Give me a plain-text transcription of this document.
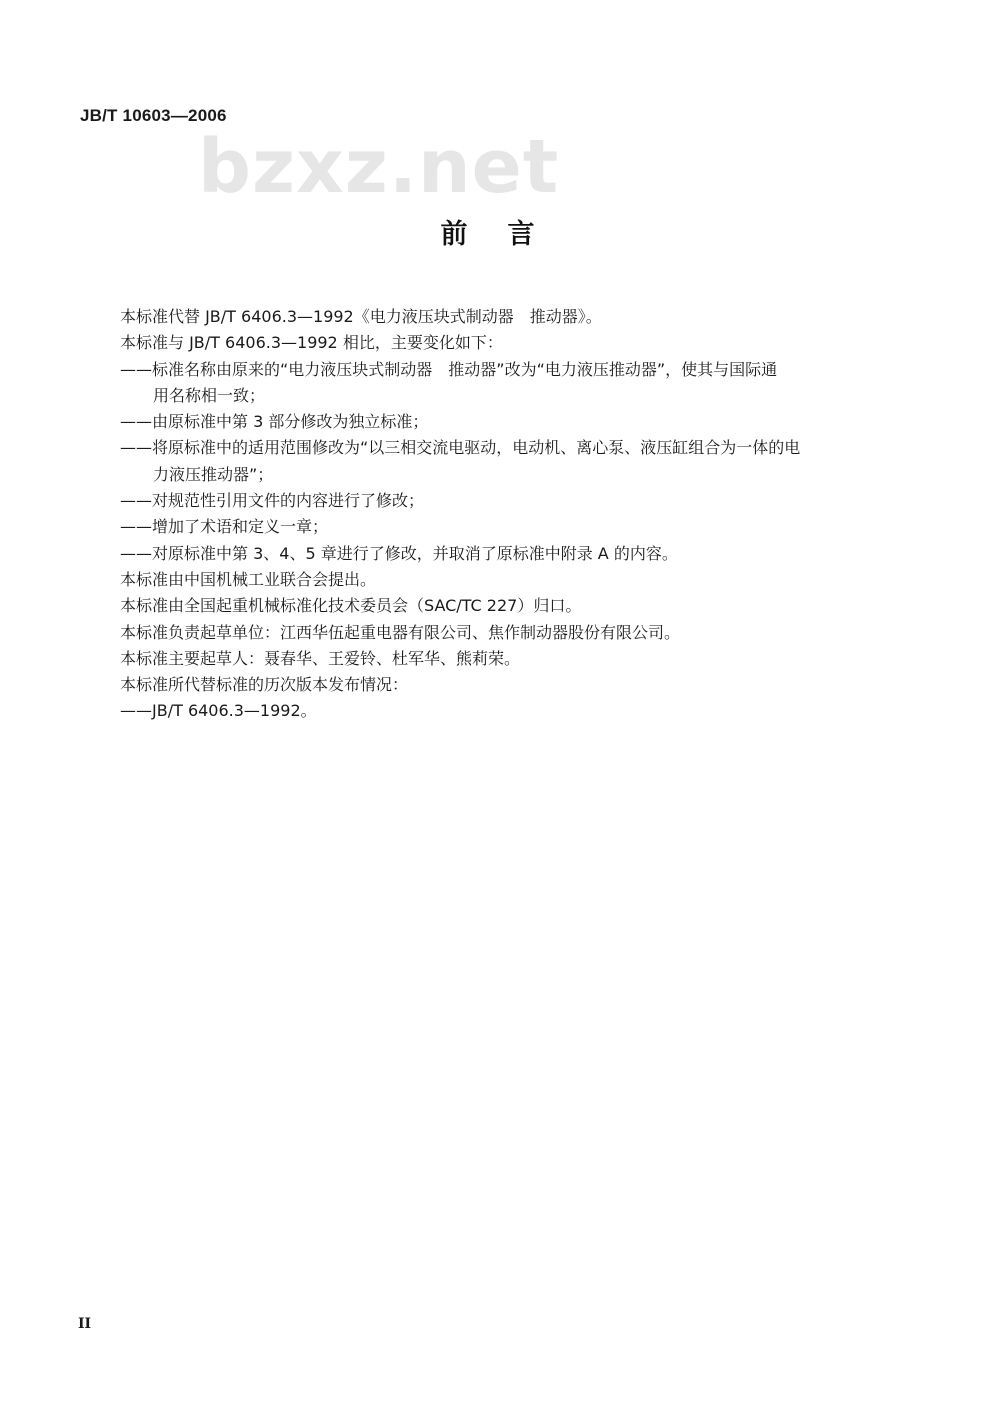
JB/T 10603—2006
bzxz.net
前言
本标准代替 JB/T 6406.3—1992《电力液压块式制动器　推动器》。
本标准与 JB/T 6406.3—1992 相比，主要变化如下：
——标准名称由原来的“电力液压块式制动器　推动器”改为“电力液压推动器”，使其与国际通
用名称相一致；
——由原标准中第 3 部分修改为独立标准；
——将原标准中的适用范围修改为“以三相交流电驱动，电动机、离心泵、液压缸组合为一体的电
力液压推动器”；
——对规范性引用文件的内容进行了修改；
——增加了术语和定义一章；
——对原标准中第 3、4、5 章进行了修改，并取消了原标准中附录 A 的内容。
本标准由中国机械工业联合会提出。
本标准由全国起重机械标准化技术委员会（SAC/TC 227）归口。
本标准负责起草单位：江西华伍起重电器有限公司、焦作制动器股份有限公司。
本标准主要起草人：聂春华、王爱铃、杜军华、熊莉荣。
本标准所代替标准的历次版本发布情况：
——JB/T 6406.3—1992。
II
